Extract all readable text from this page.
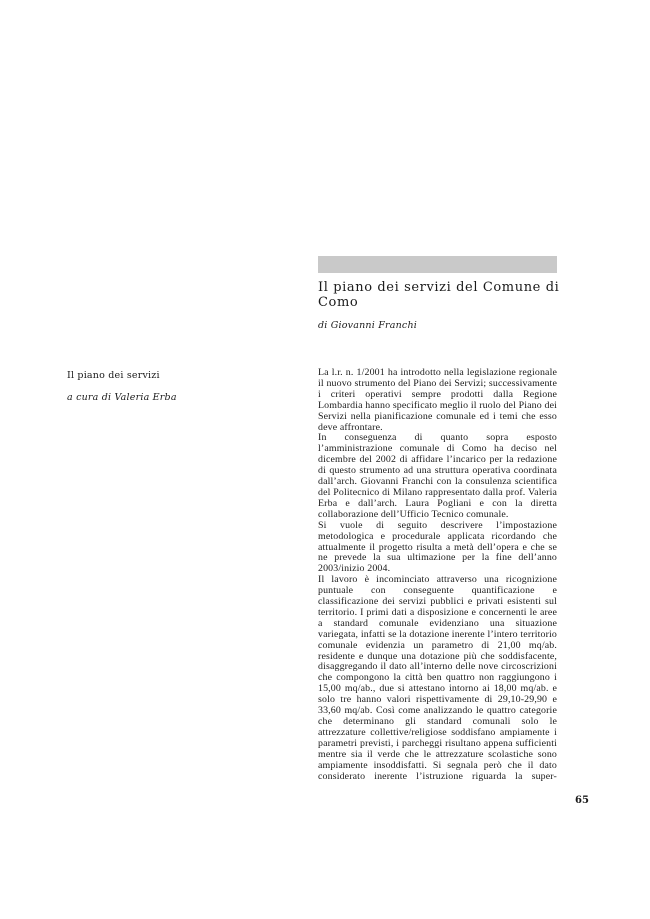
Il piano dei servizi del Comune di Como

di Giovanni Franchi

Il piano dei servizi

a cura di Valeria Erba

La l.r. n. 1/2001 ha introdotto nella legislazione regionale il nuovo strumento del Piano dei Servizi; successivamente i criteri operativi sempre prodotti dalla Regione Lombardia hanno specificato meglio il ruolo del Piano dei Servizi nella pianificazione comunale ed i temi che esso deve affrontare.

In conseguenza di quanto sopra esposto l’amministrazione comunale di Como ha deciso nel dicembre del 2002 di affidare l’incarico per la redazione di questo strumento ad una struttura operativa coordinata dall’arch. Giovanni Franchi con la consulenza scientifica del Politecnico di Milano rappresentato dalla prof. Valeria Erba e dall’arch. Laura Pogliani e con la diretta collaborazione dell’Ufficio Tecnico comunale.

Si vuole di seguito descrivere l’impostazione metodologica e procedurale applicata ricordando che attualmente il progetto risulta a metà dell’opera e che se ne prevede la sua ultimazione per la fine dell’anno 2003/inizio 2004.

Il lavoro è incominciato attraverso una ricognizione puntuale con conseguente quantificazione e classificazione dei servizi pubblici e privati esistenti sul territorio. I primi dati a disposizione e concernenti le aree a standard comunale evidenziano una situazione variegata, infatti se la dotazione inerente l’intero territorio comunale evidenzia un parametro di 21,00 mq/ab. residente e dunque una dotazione più che soddisfacente, disaggregando il dato all’interno delle nove circoscrizioni che compongono la città ben quattro non raggiungono i 15,00 mq/ab., due si attestano intorno ai 18,00 mq/ab. e solo tre hanno valori rispettivamente di 29,10-29,90 e 33,60 mq/ab. Così come analizzando le quattro categorie che determinano gli standard comunali solo le attrezzature collettive/religiose soddisfano ampiamente i parametri previsti, i parcheggi risultano appena sufficienti mentre sia il verde che le attrezzature scolastiche sono ampiamente insoddisfatti. Si segnala però che il dato considerato inerente l’istruzione riguarda la super-

65
